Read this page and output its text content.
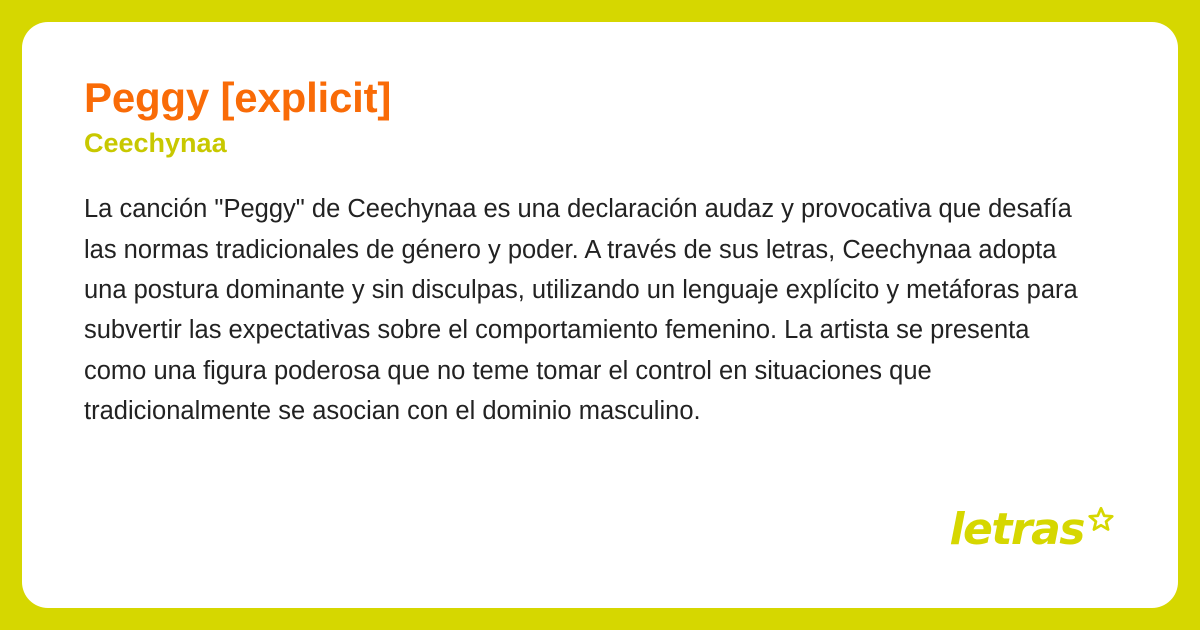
Peggy [explicit]
Ceechynaa

La canción "Peggy" de Ceechynaa es una declaración audaz y provocativa que desafía las normas tradicionales de género y poder. A través de sus letras, Ceechynaa adopta una postura dominante y sin disculpas, utilizando un lenguaje explícito y metáforas para subvertir las expectativas sobre el comportamiento femenino. La artista se presenta como una figura poderosa que no teme tomar el control en situaciones que tradicionalmente se asocian con el dominio masculino.

letras
